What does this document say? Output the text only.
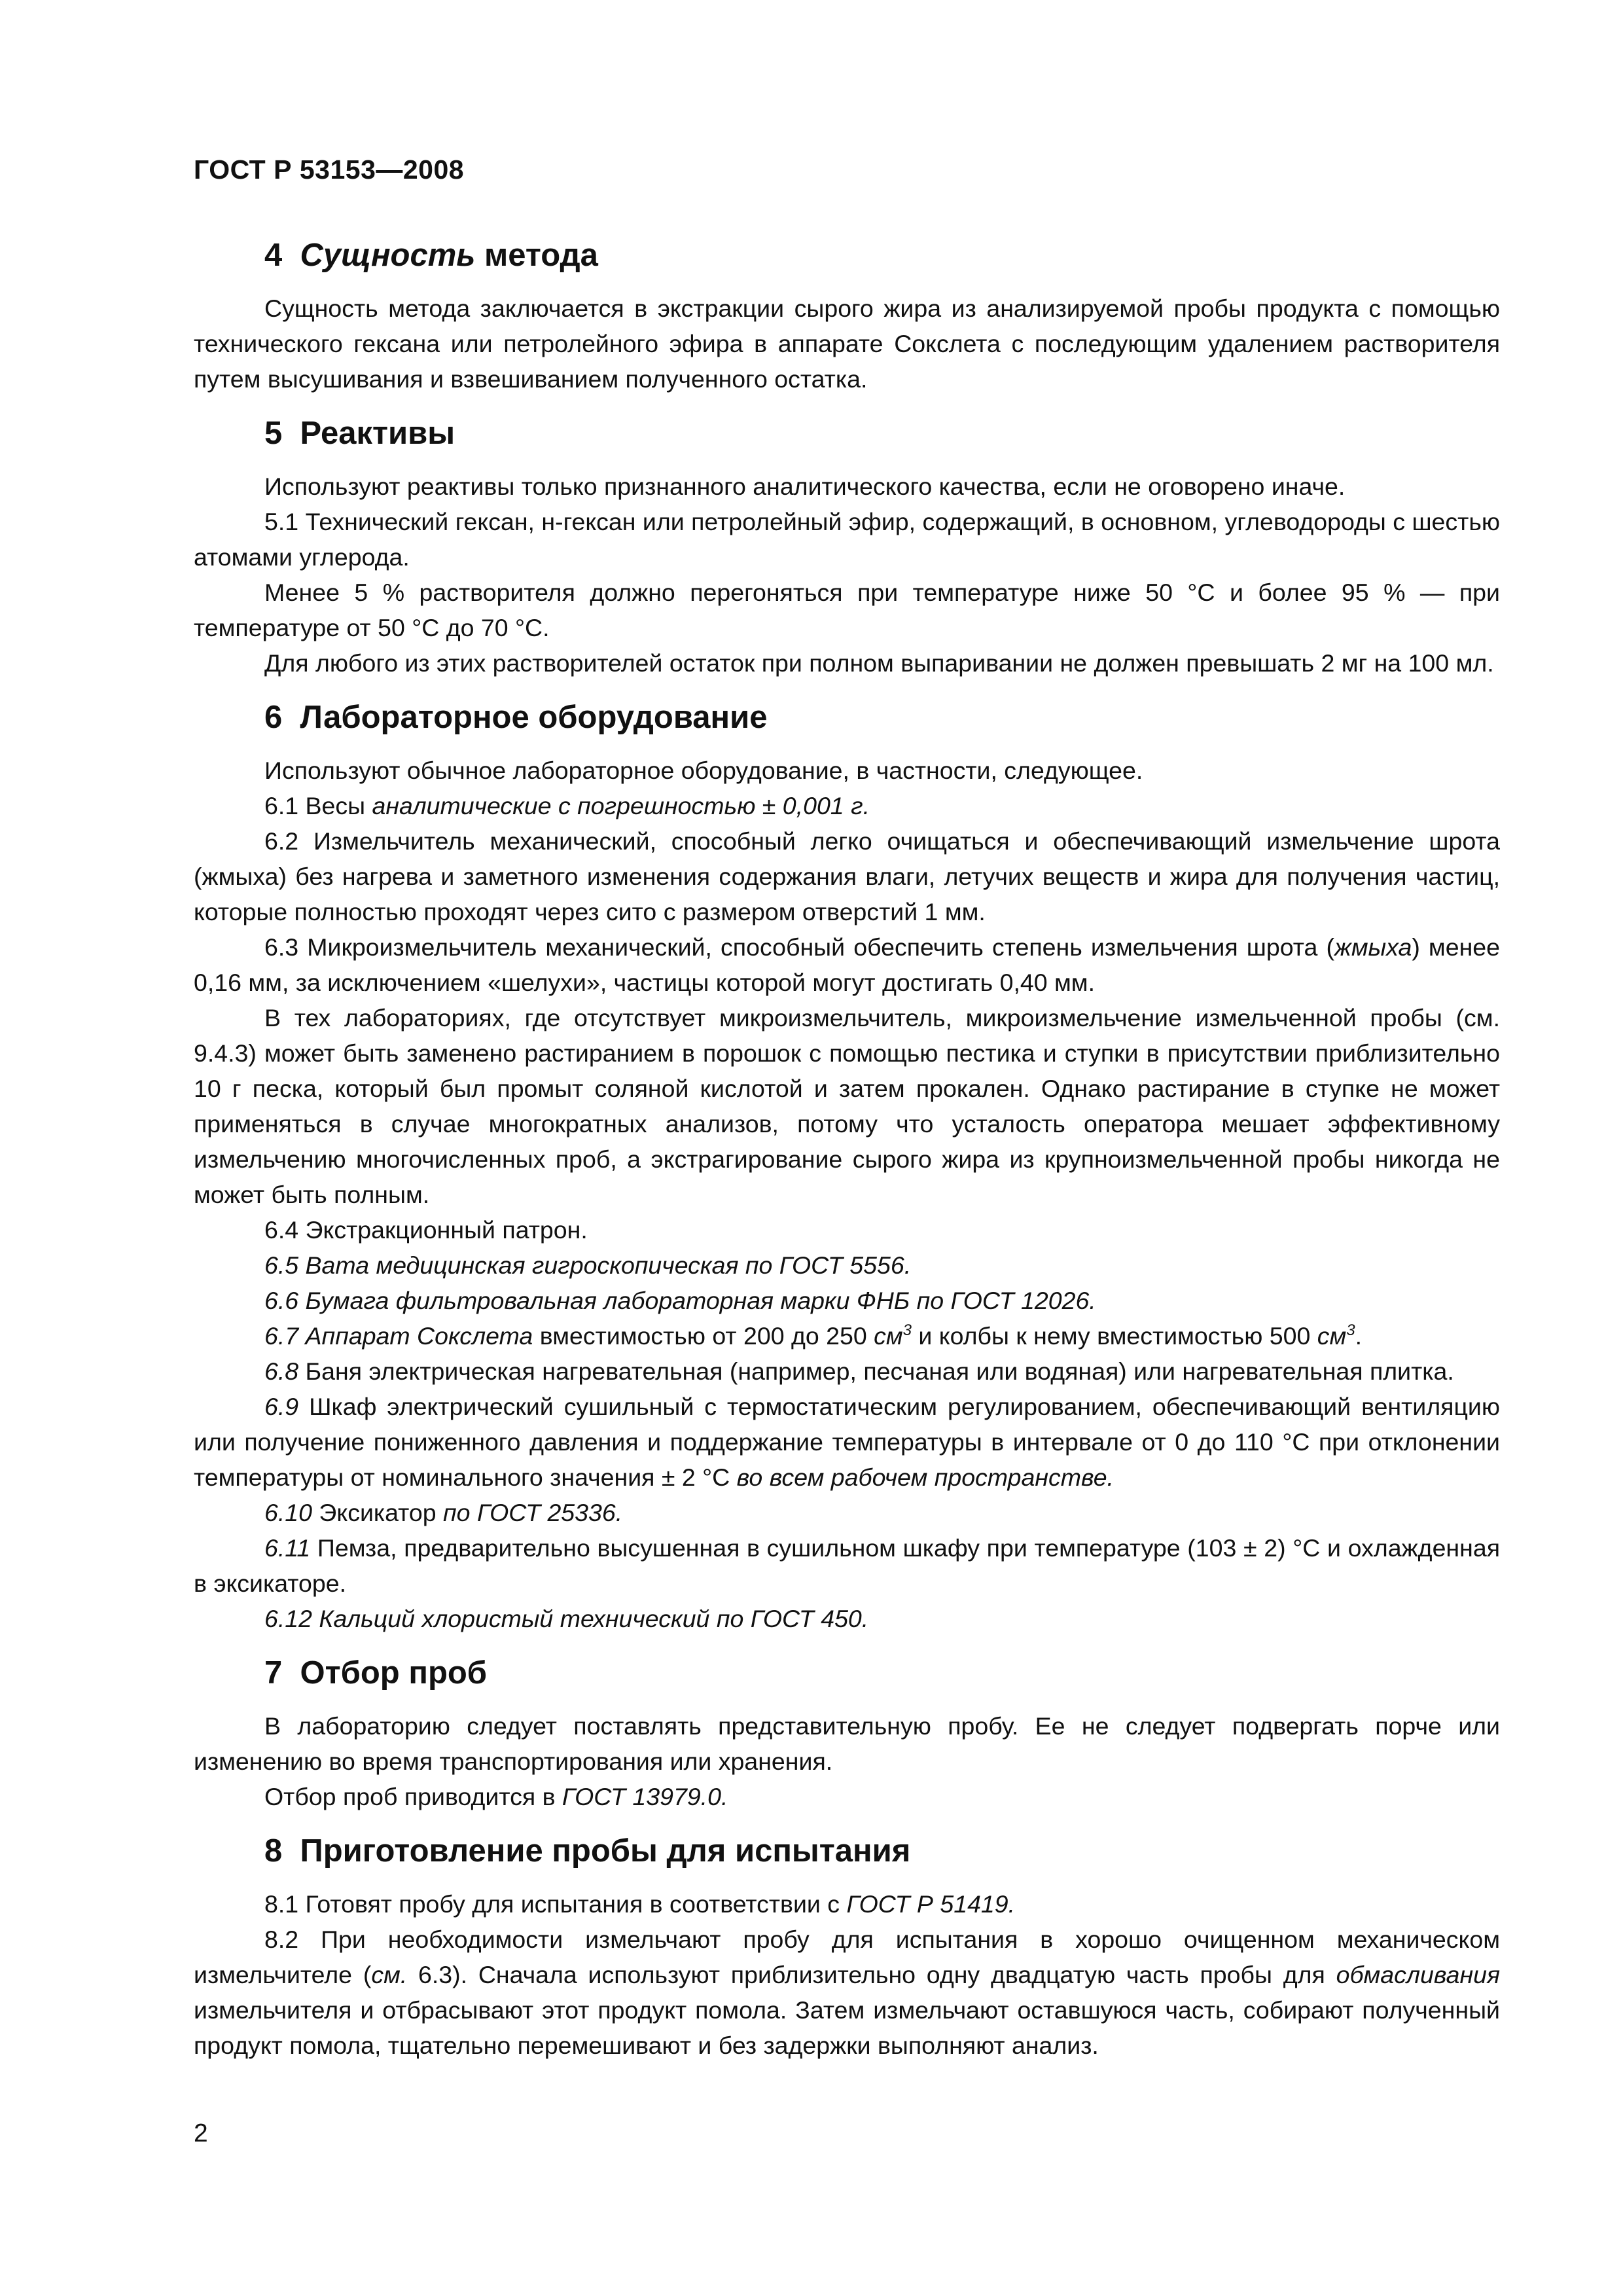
ГОСТ Р 53153—2008
4 Сущность метода

Сущность метода заключается в экстракции сырого жира из анализируемой пробы продукта с помощью технического гексана или петролейного эфира в аппарате Сокслета с последующим удалением растворителя путем высушивания и взвешиванием полученного остатка.

5 Реактивы

Используют реактивы только признанного аналитического качества, если не оговорено иначе.

5.1 Технический гексан, н-гексан или петролейный эфир, содержащий, в основном, углеводороды с шестью атомами углерода.

Менее 5 % растворителя должно перегоняться при температуре ниже 50 °С и более 95 % — при температуре от 50 °С до 70 °С.

Для любого из этих растворителей остаток при полном выпаривании не должен превышать 2 мг на 100 мл.

6 Лабораторное оборудование

Используют обычное лабораторное оборудование, в частности, следующее.

6.1 Весы аналитические с погрешностью ± 0,001 г.

6.2 Измельчитель механический, способный легко очищаться и обеспечивающий измельчение шрота (жмыха) без нагрева и заметного изменения содержания влаги, летучих веществ и жира для получения частиц, которые полностью проходят через сито с размером отверстий 1 мм.

6.3 Микроизмельчитель механический, способный обеспечить степень измельчения шрота (жмыха) менее 0,16 мм, за исключением «шелухи», частицы которой могут достигать 0,40 мм.

В тех лабораториях, где отсутствует микроизмельчитель, микроизмельчение измельченной пробы (см. 9.4.3) может быть заменено растиранием в порошок с помощью пестика и ступки в присутствии приблизительно 10 г песка, который был промыт соляной кислотой и затем прокален. Однако растирание в ступке не может применяться в случае многократных анализов, потому что усталость оператора мешает эффективному измельчению многочисленных проб, а экстрагирование сырого жира из крупноизмельченной пробы никогда не может быть полным.

6.4 Экстракционный патрон.

6.5 Вата медицинская гигроскопическая по ГОСТ 5556.

6.6 Бумага фильтровальная лабораторная марки ФНБ по ГОСТ 12026.

6.7 Аппарат Сокслета вместимостью от 200 до 250 $см^3$ и колбы к нему вместимостью 500 $см^3$.

6.8 Баня электрическая нагревательная (например, песчаная или водяная) или нагревательная плитка.

6.9 Шкаф электрический сушильный с термостатическим регулированием, обеспечивающий вентиляцию или получение пониженного давления и поддержание температуры в интервале от 0 до 110 °С при отклонении температуры от номинального значения ± 2 °С во всем рабочем пространстве.

6.10 Эксикатор по ГОСТ 25336.

6.11 Пемза, предварительно высушенная в сушильном шкафу при температуре (103 ± 2) °С и охлажденная в эксикаторе.

6.12 Кальций хлористый технический по ГОСТ 450.

7 Отбор проб

В лабораторию следует поставлять представительную пробу. Ее не следует подвергать порче или изменению во время транспортирования или хранения.

Отбор проб приводится в ГОСТ 13979.0.

8 Приготовление пробы для испытания

8.1 Готовят пробу для испытания в соответствии с ГОСТ Р 51419.

8.2 При необходимости измельчают пробу для испытания в хорошо очищенном механическом измельчителе (см. 6.3). Сначала используют приблизительно одну двадцатую часть пробы для обмасливания измельчителя и отбрасывают этот продукт помола. Затем измельчают оставшуюся часть, собирают полученный продукт помола, тщательно перемешивают и без задержки выполняют анализ.

2
